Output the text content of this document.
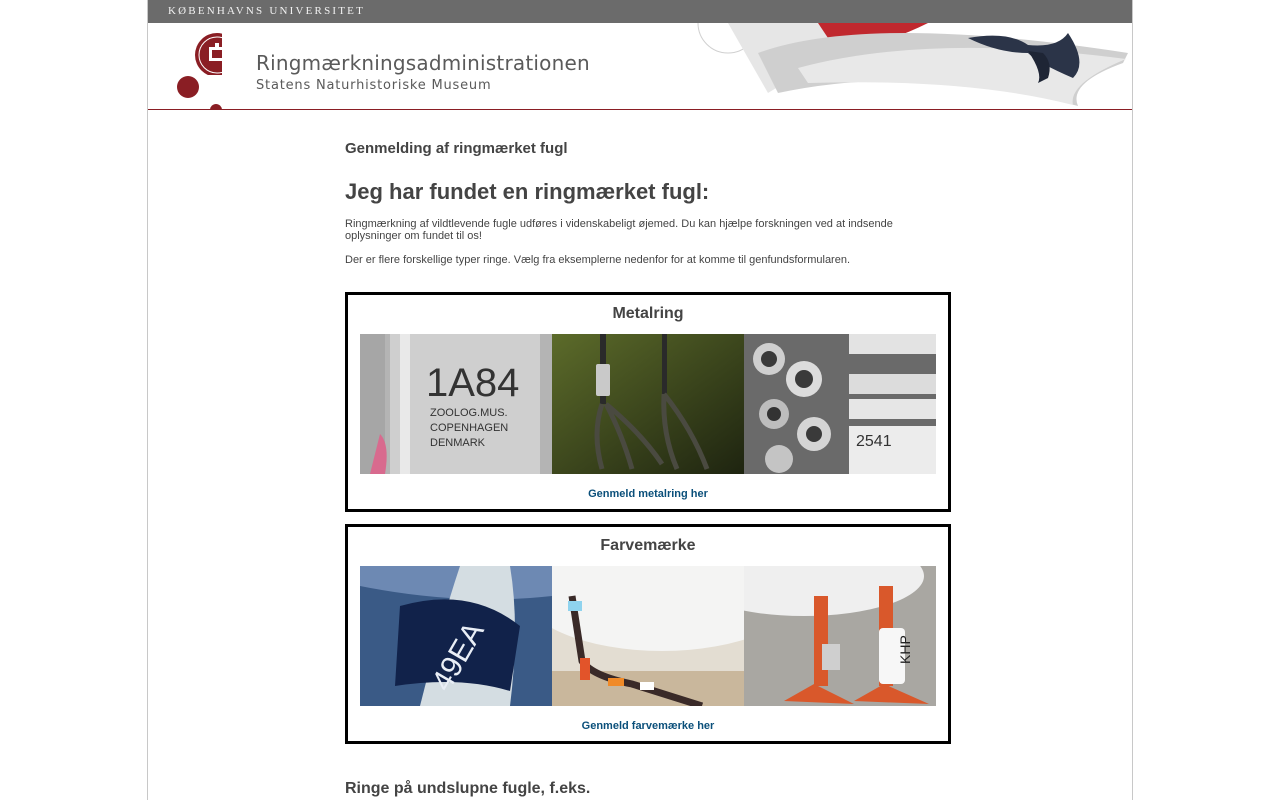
KØBENHAVNS UNIVERSITET
Ringmærkningsadministrationen
Statens Naturhistoriske Museum
Genmelding af ringmærket fugl
Jeg har fundet en ringmærket fugl:

Ringmærkning af vildtlevende fugle udføres i videnskabeligt øjemed. Du kan hjælpe forskningen ved at indsende oplysninger om fundet til os!

Der er flere forskellige typer ringe. Vælg fra eksemplerne nedenfor for at komme til genfundsformularen.

Metalring
1A84
ZOOLOG.MUS.
COPENHAGEN
DENMARK	2541
Genmeld metalring her
Farvemærke
49EA	KHP
Genmeld farvemærke her
Ringe på undslupne fugle, f.eks.
